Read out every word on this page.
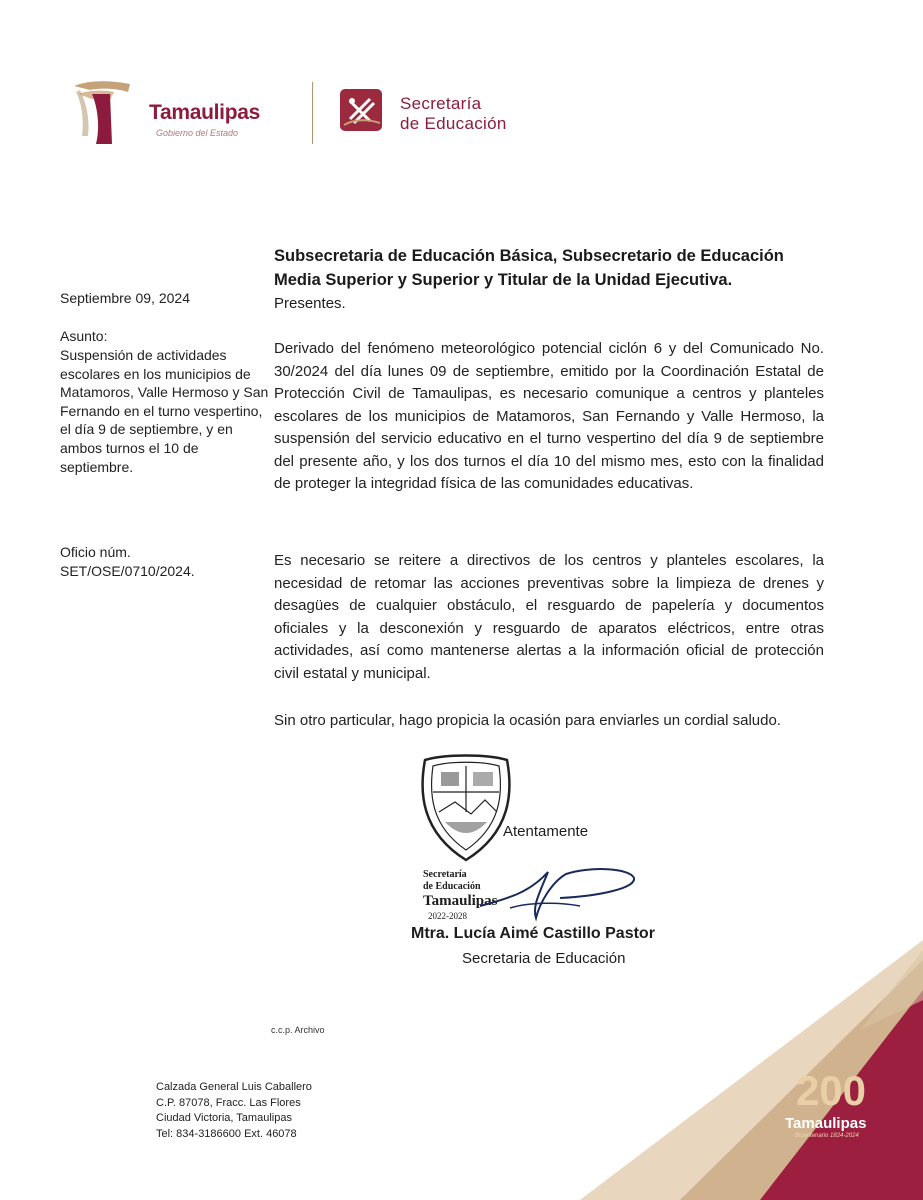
Tamaulipas
Gobierno del Estado
Secretaría
de Educación
Septiembre 09, 2024
Asunto:
Suspensión de actividades escolares en los municipios de Matamoros, Valle Hermoso y San Fernando en el turno vespertino, el día 9 de septiembre, y en ambos turnos el 10 de septiembre.
Oficio núm.
SET/OSE/0710/2024.
Subsecretaria de Educación Básica, Subsecretario de Educación Media Superior y Superior y Titular de la Unidad Ejecutiva.
Presentes.
Derivado del fenómeno meteorológico potencial ciclón 6 y del Comunicado No. 30/2024 del día lunes 09 de septiembre, emitido por la Coordinación Estatal de Protección Civil de Tamaulipas, es necesario comunique a centros y planteles escolares de los municipios de Matamoros, San Fernando y Valle Hermoso, la suspensión del servicio educativo en el turno vespertino del día 9 de septiembre del presente año, y los dos turnos el día 10 del mismo mes, esto con la finalidad de proteger la integridad física de las comunidades educativas.
Es necesario se reitere a directivos de los centros y planteles escolares, la necesidad de retomar las acciones preventivas sobre la limpieza de drenes y desagües de cualquier obstáculo, el resguardo de papelería y documentos oficiales y la desconexión y resguardo de aparatos eléctricos, entre otras actividades, así como mantenerse alertas a la información oficial de protección civil estatal y municipal.
Sin otro particular, hago propicia la ocasión para enviarles un cordial saludo.
Atentamente
Secretaría
de Educación
Tamaulipas
2022-2028
Mtra. Lucía Aimé Castillo Pastor
Secretaria de Educación
c.c.p. Archivo
Calzada General Luis Caballero
C.P. 87078, Fracc. Las Flores
Ciudad Victoria, Tamaulipas
Tel: 834-3186600 Ext. 46078
200
Tamaulipas
Bicentenario 1824-2024
